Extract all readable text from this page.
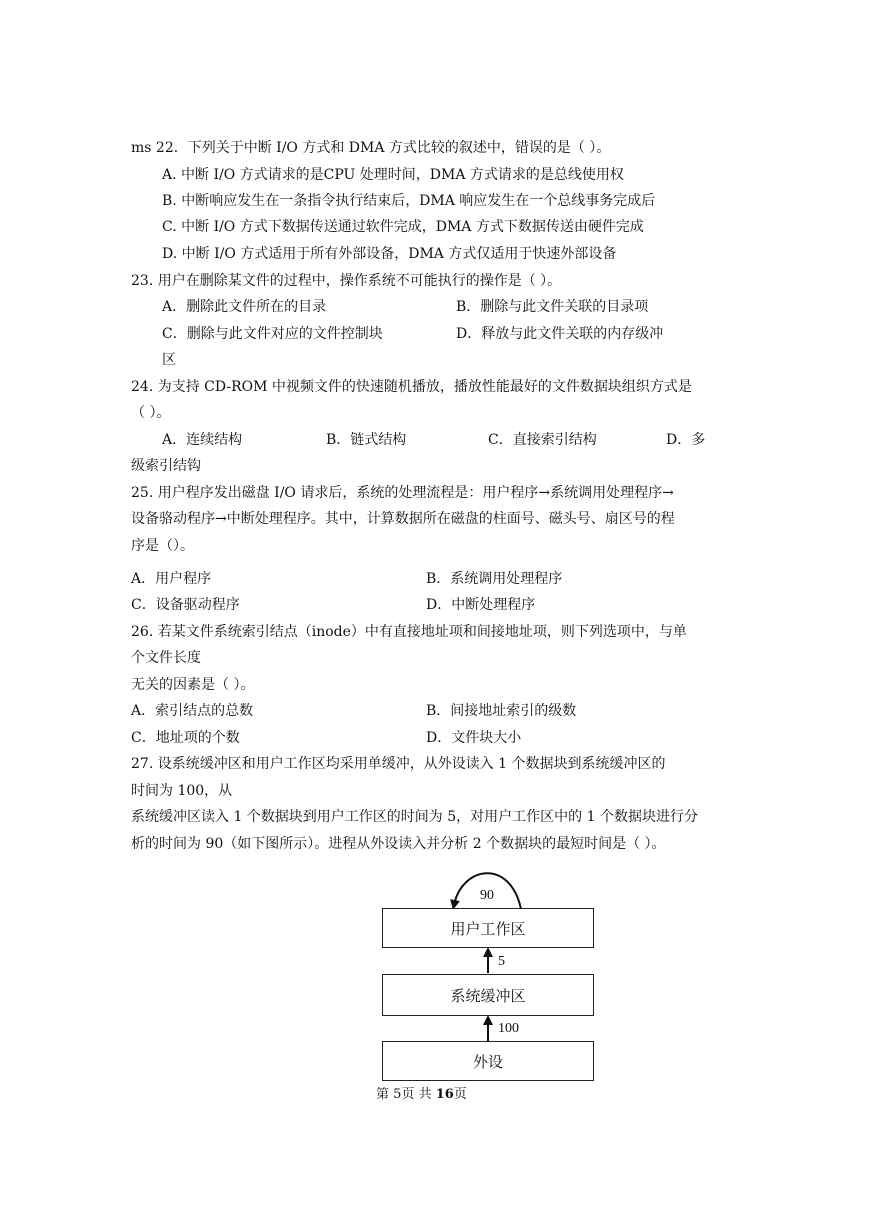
ms 22．下列关于中断 I/O 方式和 DMA 方式比较的叙述中，错误的是（ ）。
A. 中断 I/O 方式请求的是CPU 处理时间，DMA 方式请求的是总线使用权
B. 中断响应发生在一条指令执行结束后，DMA 响应发生在一个总线事务完成后
C. 中断 I/O 方式下数据传送通过软件完成，DMA 方式下数据传送由硬件完成
D. 中断 I/O 方式适用于所有外部设备，DMA 方式仅适用于快速外部设备
23. 用户在删除某文件的过程中，操作系统不可能执行的操作是（ ）。
A．删除此文件所在的目录	B．删除与此文件关联的目录项
C．删除与此文件对应的文件控制块	D．释放与此文件关联的内存级冲
区
24. 为支持 CD-ROM 中视频文件的快速随机播放，播放性能最好的文件数据块组织方式是
（ ）。
A．连续结构	B．链式结构	C．直接索引结构	D．多
级索引结钩
25. 用户程序发出磁盘 I/O 请求后，系统的处理流程是：用户程序→系统调用处理程序→
设备骆动程序→中断处理程序。其中，计算数据所在磁盘的柱面号、磁头号、扇区号的程
序是（）。
A．用户程序	B．系统调用处理程序
C．设备驱动程序	D．中断处理程序
26. 若某文件系统索引结点（inode）中有直接地址项和间接地址项，则下列选项中，与单
个文件长度
无关的因素是（ ）。
A．索引结点的总数	B．间接地址索引的级数
C．地址项的个数	D．文件块大小
27. 设系统缓冲区和用户工作区均采用单缓冲，从外设读入 1 个数据块到系统缓冲区的
时间为 100，从
系统缓冲区读入 1 个数据块到用户工作区的时间为 5，对用户工作区中的 1 个数据块进行分
析的时间为 90（如下图所示）。进程从外设读入并分析 2 个数据块的最短时间是（ ）。
用户工作区
系统缓冲区
外设
90
5
100
第 5页 共 16页
